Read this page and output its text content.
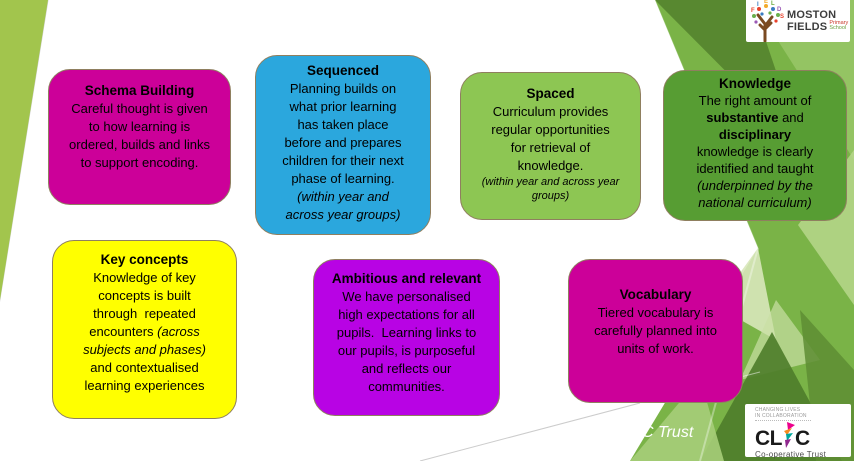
Schema Building
Careful thought is given
to how learning is
ordered, builds and links
to support encoding.
Sequenced
Planning builds on
what prior learning
has taken place
before and prepares
children for their next
phase of learning.
(within year and
across year groups)
Spaced
Curriculum provides
regular opportunities
for retrieval of
knowledge.
(within year and across year
groups)
Knowledge
The right amount of
substantive and
disciplinary
knowledge is clearly
identified and taught
(underpinned by the
national curriculum)
Key concepts
Knowledge of key
concepts is built
through  repeated
encounters (across
subjects and phases)
and contextualised
learning experiences
Ambitious and relevant
We have personalised
high expectations for all
pupils.  Learning links to
our pupils, is purposeful
and reflects our
communities.
Vocabulary
Tiered vocabulary is
carefully planned into
units of work.
F
I E L
D
S MOSTON
FIELDS Primary
School
C Trust
CHANGING LIVES
IN COLLABORATION
CL C
Co-operative Trust
